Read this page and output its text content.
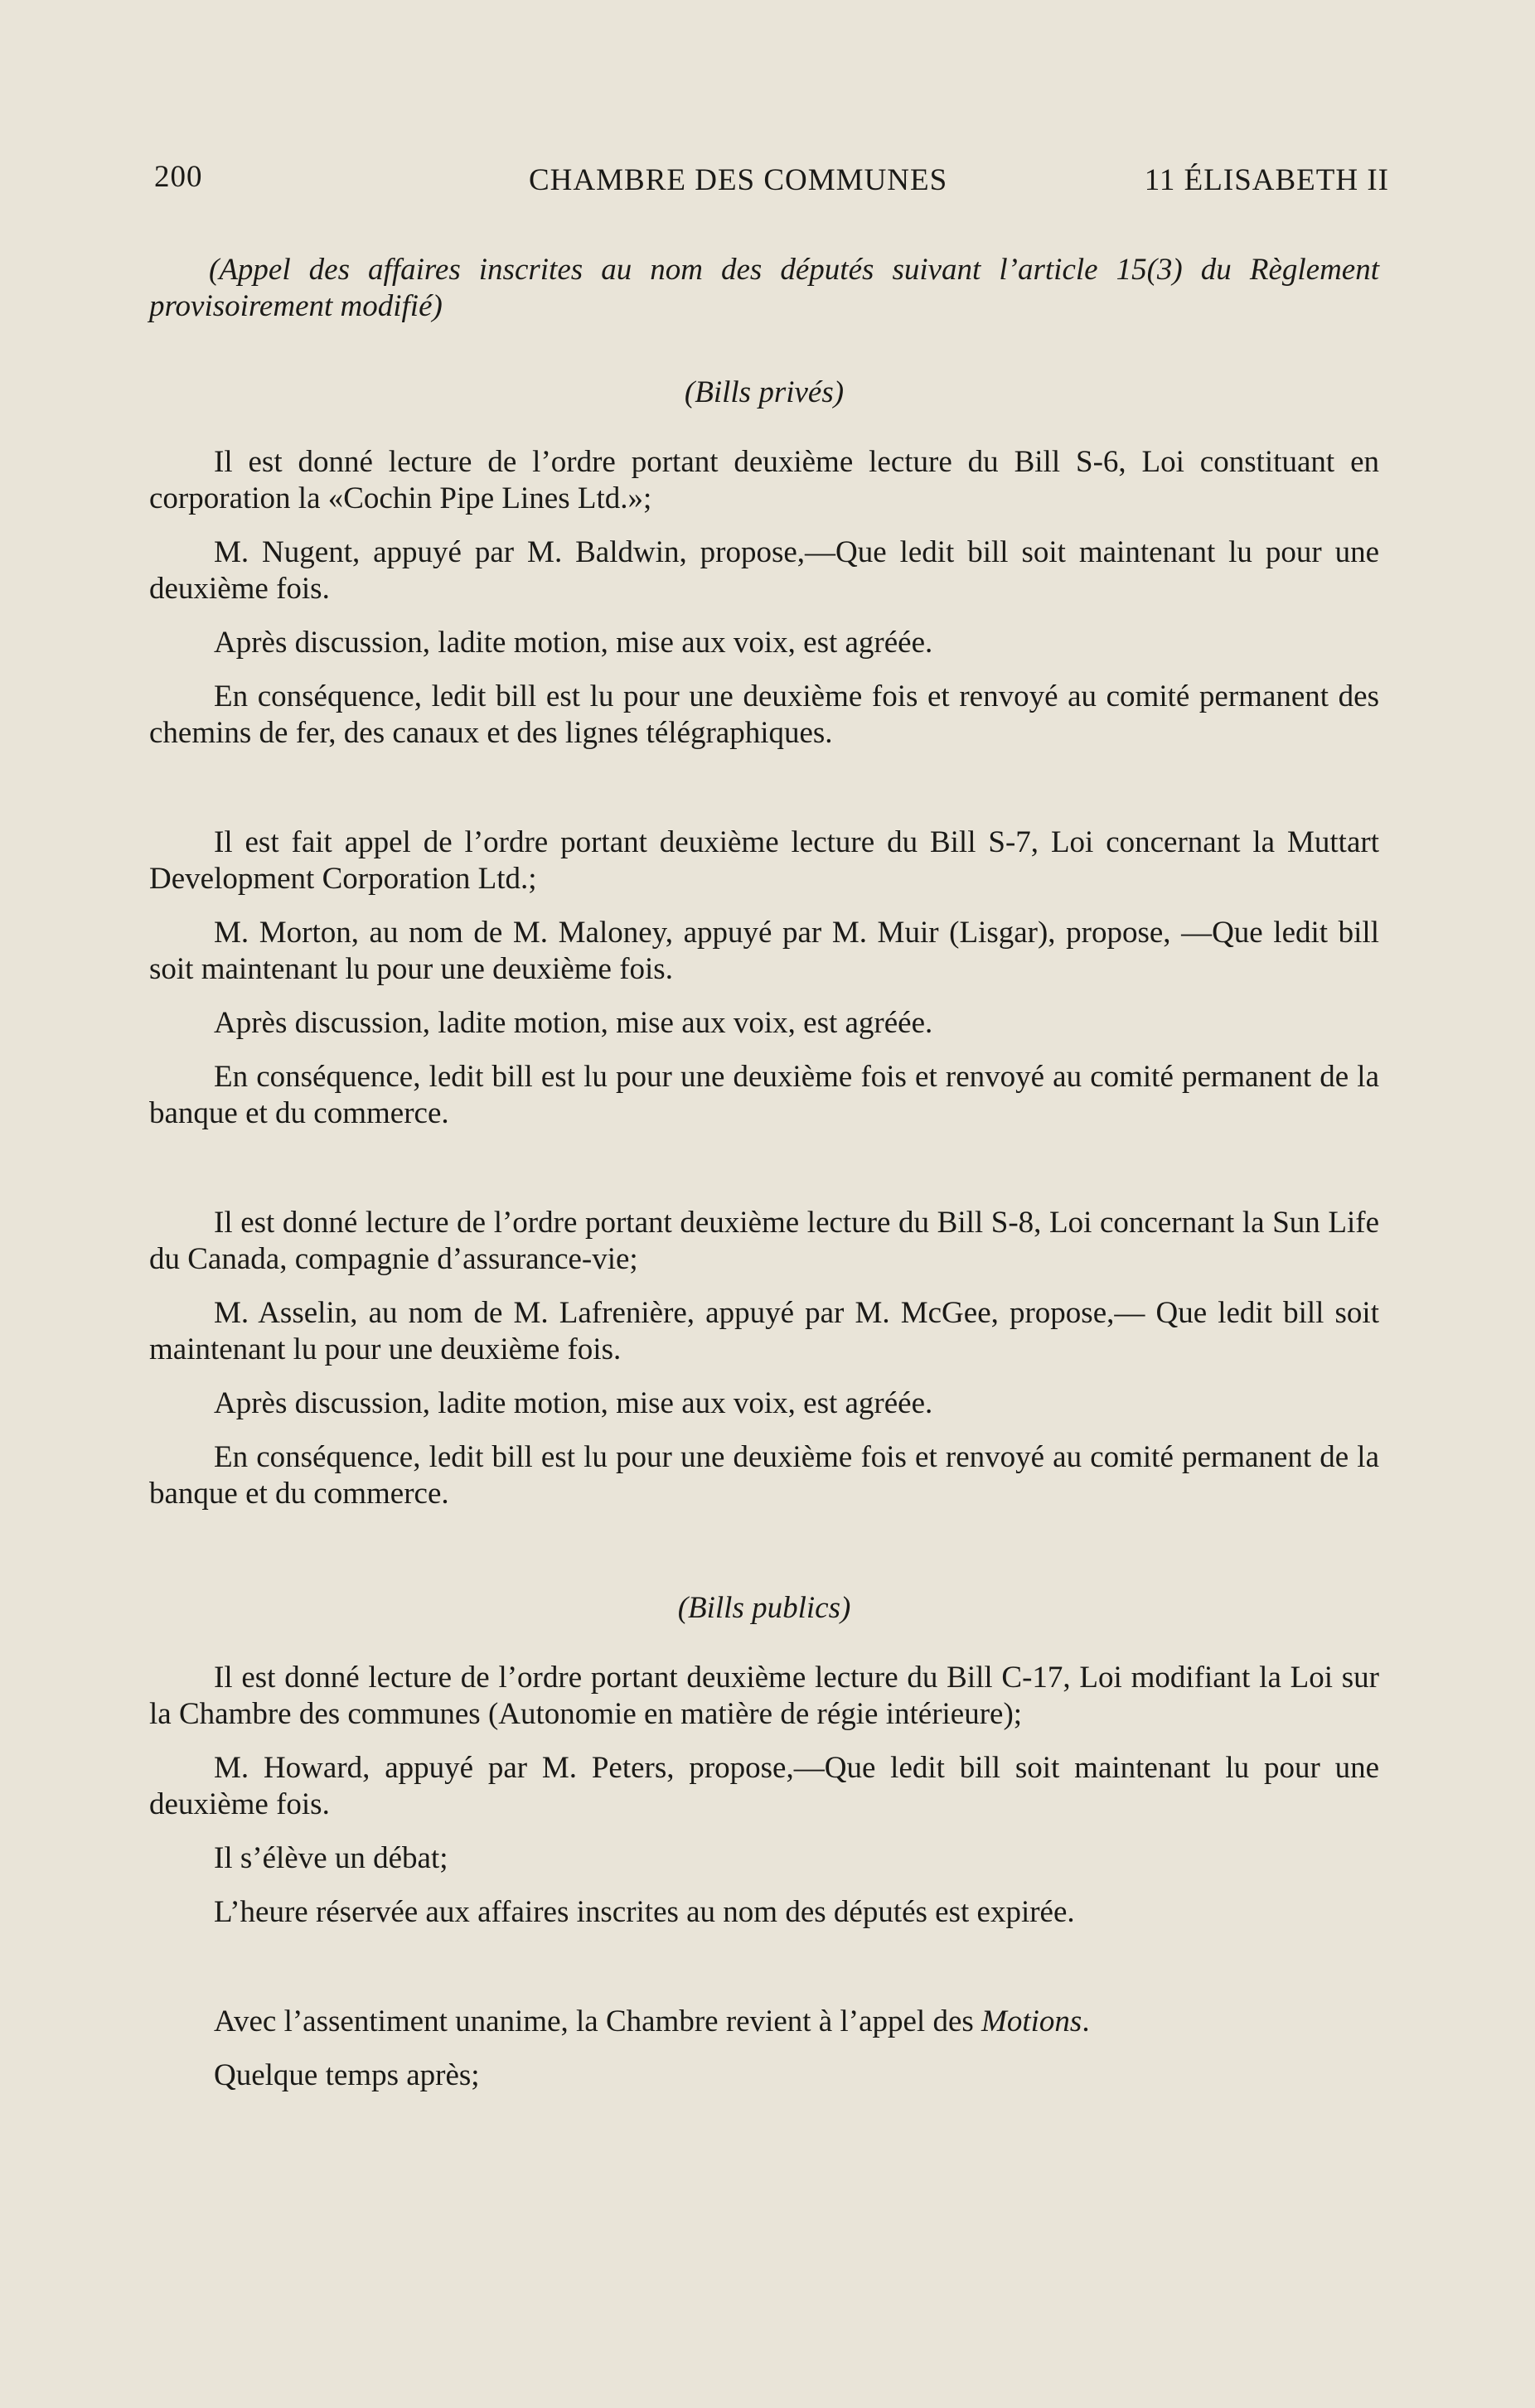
200	CHAMBRE DES COMMUNES	11 ÉLISABETH II

(Appel des affaires inscrites au nom des députés suivant l’article 15(3) du Règlement provisoirement modifié)

(Bills privés)

Il est donné lecture de l’ordre portant deuxième lecture du Bill S-6, Loi constituant en corporation la «Cochin Pipe Lines Ltd.»;

M. Nugent, appuyé par M. Baldwin, propose,—Que ledit bill soit maintenant lu pour une deuxième fois.

Après discussion, ladite motion, mise aux voix, est agréée.

En conséquence, ledit bill est lu pour une deuxième fois et renvoyé au comité permanent des chemins de fer, des canaux et des lignes télégraphiques.

Il est fait appel de l’ordre portant deuxième lecture du Bill S-7, Loi concernant la Muttart Development Corporation Ltd.;

M. Morton, au nom de M. Maloney, appuyé par M. Muir (Lisgar), propose, —Que ledit bill soit maintenant lu pour une deuxième fois.

Après discussion, ladite motion, mise aux voix, est agréée.

En conséquence, ledit bill est lu pour une deuxième fois et renvoyé au comité permanent de la banque et du commerce.

Il est donné lecture de l’ordre portant deuxième lecture du Bill S-8, Loi concernant la Sun Life du Canada, compagnie d’assurance-vie;

M. Asselin, au nom de M. Lafrenière, appuyé par M. McGee, propose,— Que ledit bill soit maintenant lu pour une deuxième fois.

Après discussion, ladite motion, mise aux voix, est agréée.

En conséquence, ledit bill est lu pour une deuxième fois et renvoyé au comité permanent de la banque et du commerce.

(Bills publics)

Il est donné lecture de l’ordre portant deuxième lecture du Bill C-17, Loi modifiant la Loi sur la Chambre des communes (Autonomie en matière de régie intérieure);

M. Howard, appuyé par M. Peters, propose,—Que ledit bill soit maintenant lu pour une deuxième fois.

Il s’élève un débat;

L’heure réservée aux affaires inscrites au nom des députés est expirée.

Avec l’assentiment unanime, la Chambre revient à l’appel des Motions.

Quelque temps après;
